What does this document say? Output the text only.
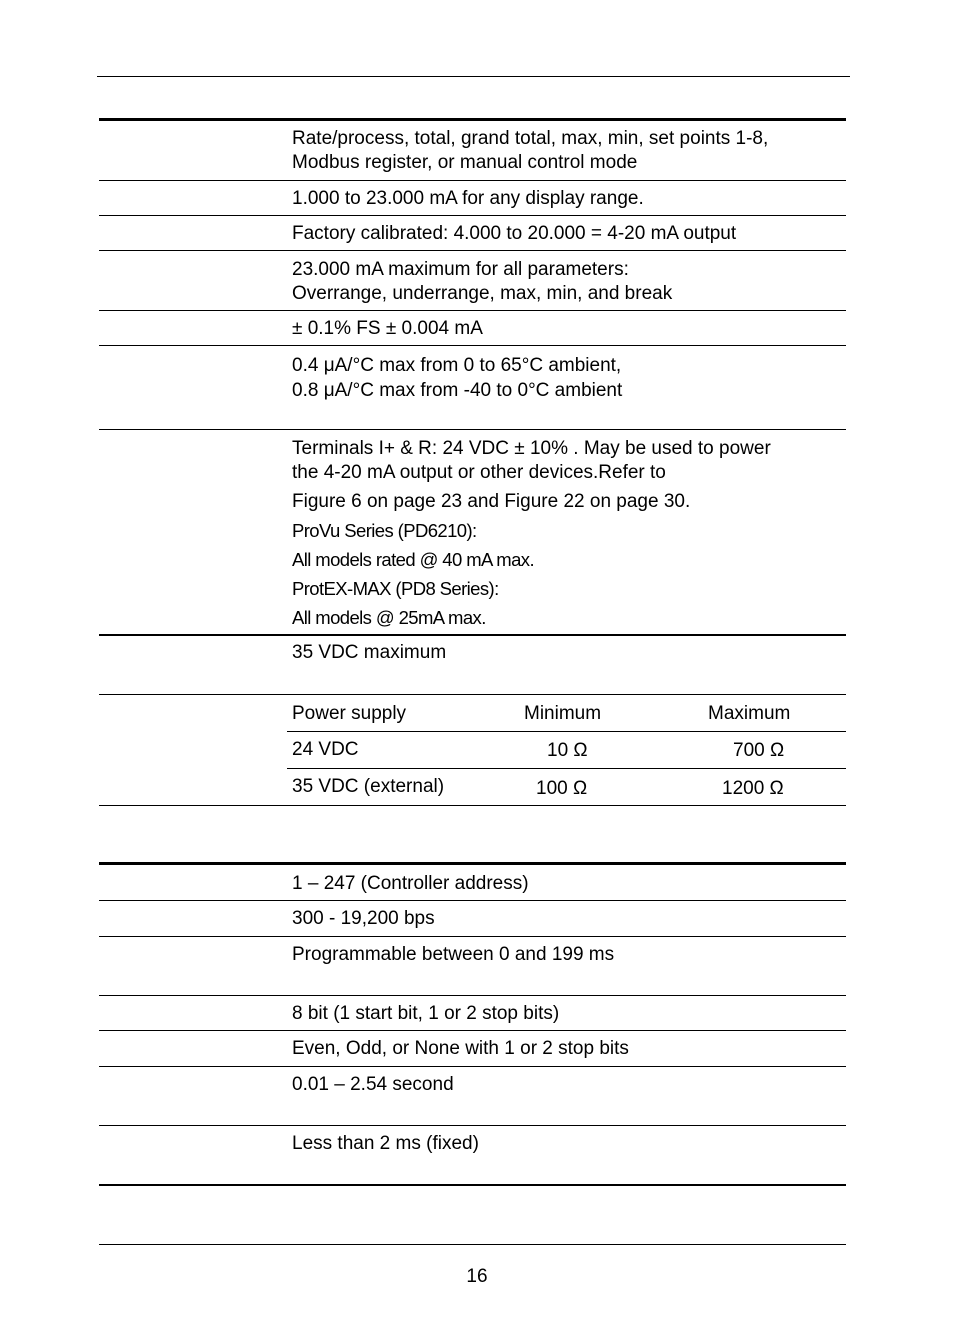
Rate/process, total, grand total, max, min, set points 1-8,
Modbus register, or manual control mode
1.000 to 23.000 mA for any display range.
Factory calibrated: 4.000 to 20.000 = 4-20 mA output
23.000 mA maximum for all parameters:
Overrange, underrange, max, min, and break
± 0.1% FS ± 0.004 mA
0.4 μA/°C max from 0 to 65°C ambient,
0.8 μA/°C max from -40 to 0°C ambient
Terminals I+ & R: 24 VDC ± 10% . May be used to power
the 4-20 mA output or other devices.Refer to
Figure 6 on page 23 and Figure 22 on page 30.
ProVu Series (PD6210):
All models rated @ 40 mA max.
ProtEX-MAX (PD8 Series):
All models @ 25mA max.
35 VDC maximum
Power supply	Minimum	Maximum
24 VDC	10 Ω	700 Ω
35 VDC (external)	100 Ω	1200 Ω
1 – 247 (Controller address)
300 - 19,200 bps
Programmable between 0 and 199 ms
8 bit (1 start bit, 1 or 2 stop bits)
Even, Odd, or None with 1 or 2 stop bits
0.01 – 2.54 second
Less than 2 ms (fixed)
16
